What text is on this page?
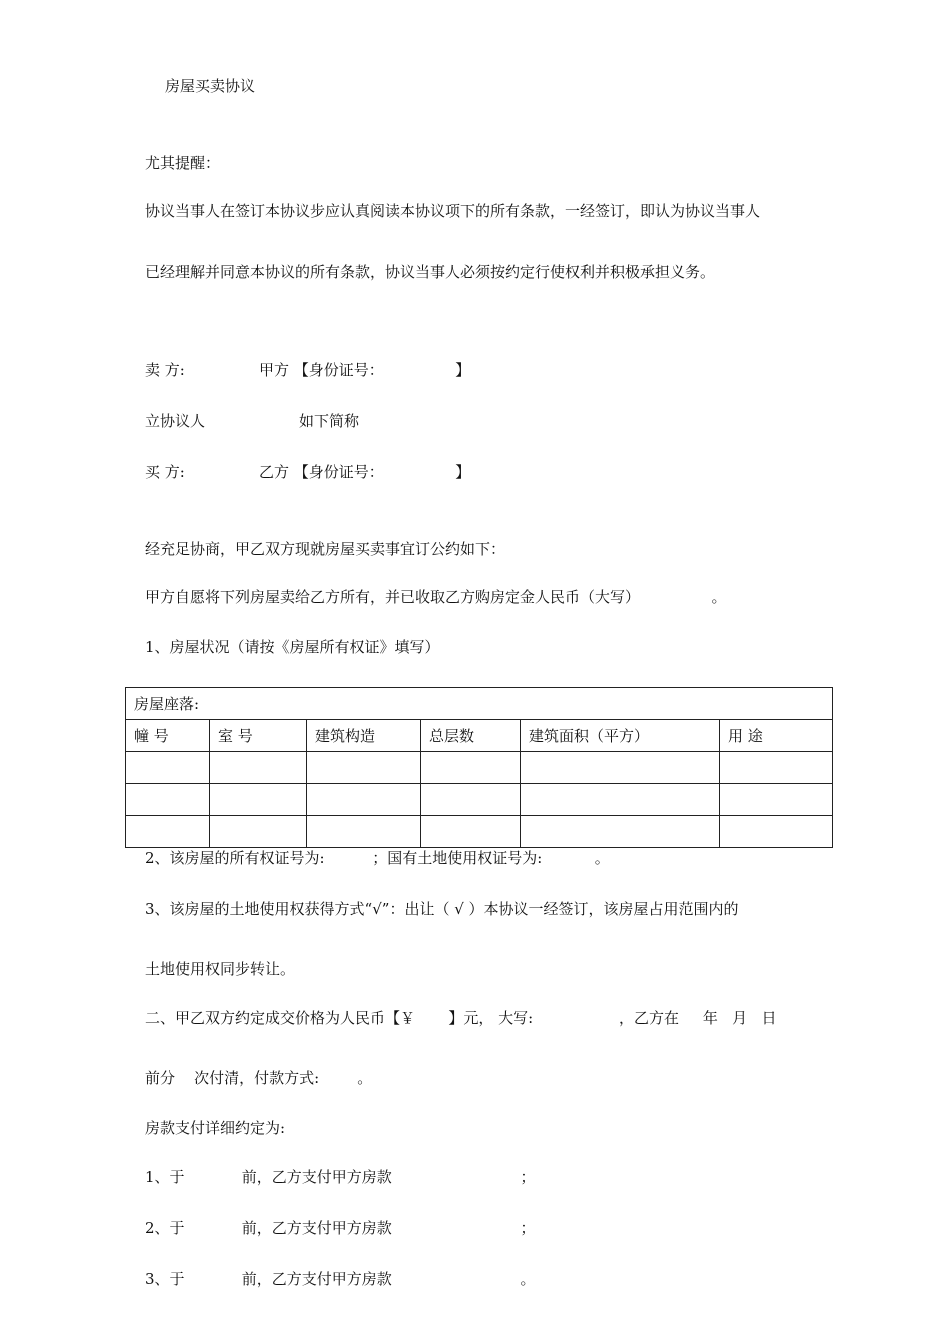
房屋买卖协议
尤其提醒：
协议当事人在签订本协议步应认真阅读本协议项下的所有条款，一经签订，即认为协议当事人
已经理解并同意本协议的所有条款，协议当事人必须按约定行使权利并积极承担义务。
卖 方:	甲方 【身份证号：               】
立协议人	如下简称
买 方:	乙方 【身份证号：               】
经充足协商，甲乙双方现就房屋买卖事宜订公约如下：
甲方自愿将下列房屋卖给乙方所有，并已收取乙方购房定金人民币（大写）               。
1、房屋状况（请按《房屋所有权证》填写）
房屋座落:					
幢 号	室 号	建筑构造	总层数	建筑面积（平方）	用 途

2、该房屋的所有权证号为:          ；国有土地使用权证号为:           。
3、该房屋的土地使用权获得方式“√”：出让（ √ ）本协议一经签订，该房屋占用范围内的
土地使用权同步转让。
二、甲乙双方约定成交价格为人民币【￥       】元， 大写:                  ，乙方在     年   月   日
前分    次付清，付款方式:        。
房款支付详细约定为:
1、于            前，乙方支付甲方房款                           ；
2、于            前，乙方支付甲方房款                           ；
3、于            前，乙方支付甲方房款                           。
